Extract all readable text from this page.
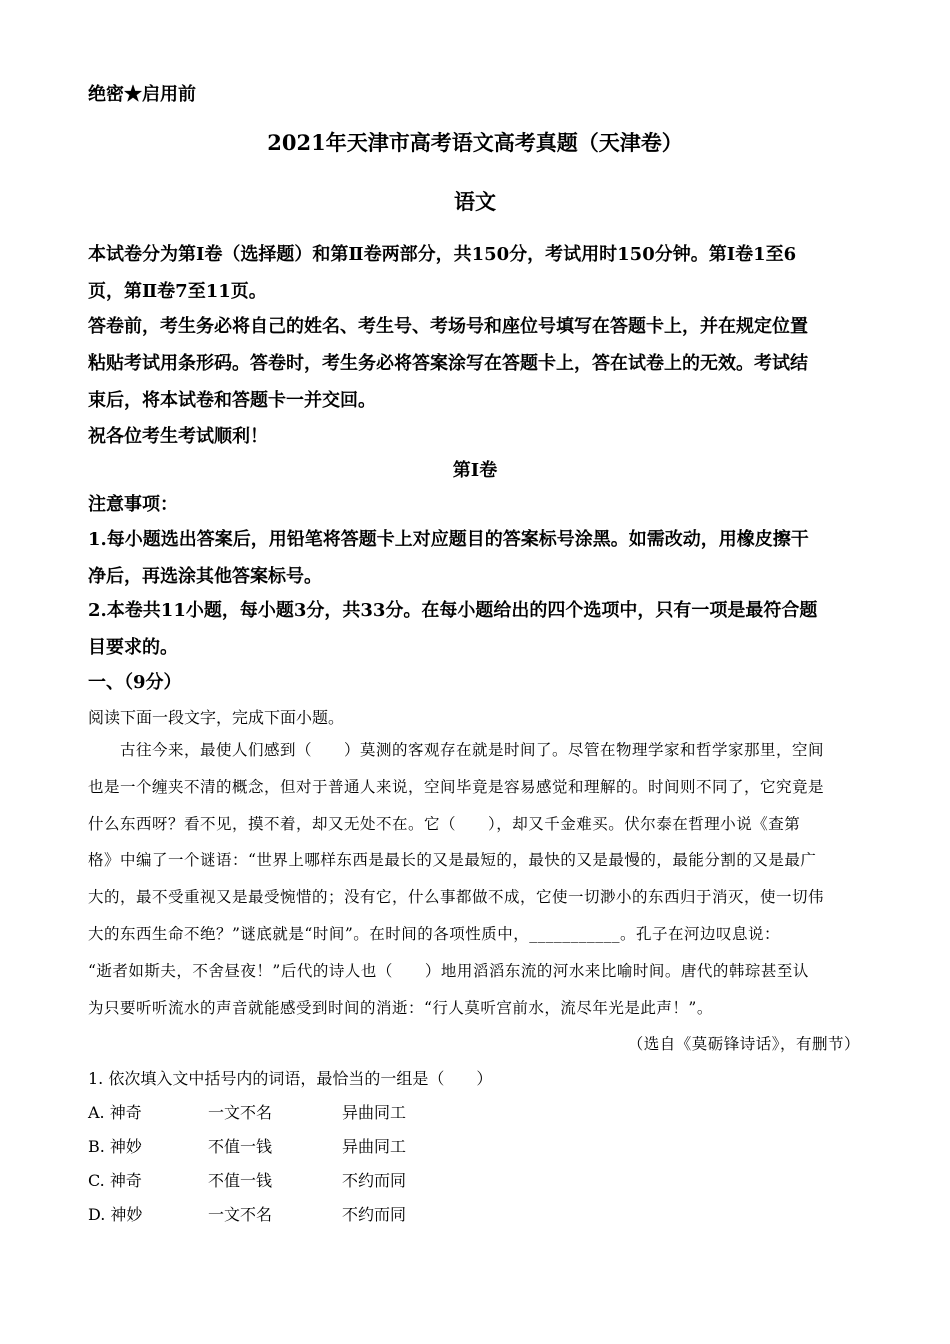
绝密★启用前
2021年天津市高考语文高考真题（天津卷）
语文
本试卷分为第Ⅰ卷（选择题）和第Ⅱ卷两部分，共150分，考试用时150分钟。第Ⅰ卷1至6
页，第Ⅱ卷7至11页。
答卷前，考生务必将自己的姓名、考生号、考场号和座位号填写在答题卡上，并在规定位置
粘贴考试用条形码。答卷时，考生务必将答案涂写在答题卡上，答在试卷上的无效。考试结
束后，将本试卷和答题卡一并交回。
祝各位考生考试顺利！
第Ⅰ卷
注意事项：
1.每小题选出答案后，用铅笔将答题卡上对应题目的答案标号涂黑。如需改动，用橡皮擦干
净后，再选涂其他答案标号。
2.本卷共11小题，每小题3分，共33分。在每小题给出的四个选项中，只有一项是最符合题
目要求的。
一、（9分）
阅读下面一段文字，完成下面小题。
　　古往今来，最使人们感到（　　）莫测的客观存在就是时间了。尽管在物理学家和哲学家那里，空间
也是一个缠夹不清的概念，但对于普通人来说，空间毕竟是容易感觉和理解的。时间则不同了，它究竟是
什么东西呀？看不见，摸不着，却又无处不在。它（　　），却又千金难买。伏尔泰在哲理小说《查第
格》中编了一个谜语：“世界上哪样东西是最长的又是最短的，最快的又是最慢的，最能分割的又是最广
大的，最不受重视又是最受惋惜的；没有它，什么事都做不成，它使一切渺小的东西归于消灭，使一切伟
大的东西生命不绝？”谜底就是“时间”。在时间的各项性质中，___________。孔子在河边叹息说：
“逝者如斯夫，不舍昼夜！”后代的诗人也（　　）地用滔滔东流的河水来比喻时间。唐代的韩琮甚至认
为只要听听流水的声音就能感受到时间的消逝：“行人莫听宫前水，流尽年光是此声！”。
（选自《莫砺锋诗话》，有删节）
1. 依次填入文中括号内的词语，最恰当的一组是（　　）
A. 神奇	一文不名	异曲同工
B. 神妙	不值一钱	异曲同工
C. 神奇	不值一钱	不约而同
D. 神妙	一文不名	不约而同
